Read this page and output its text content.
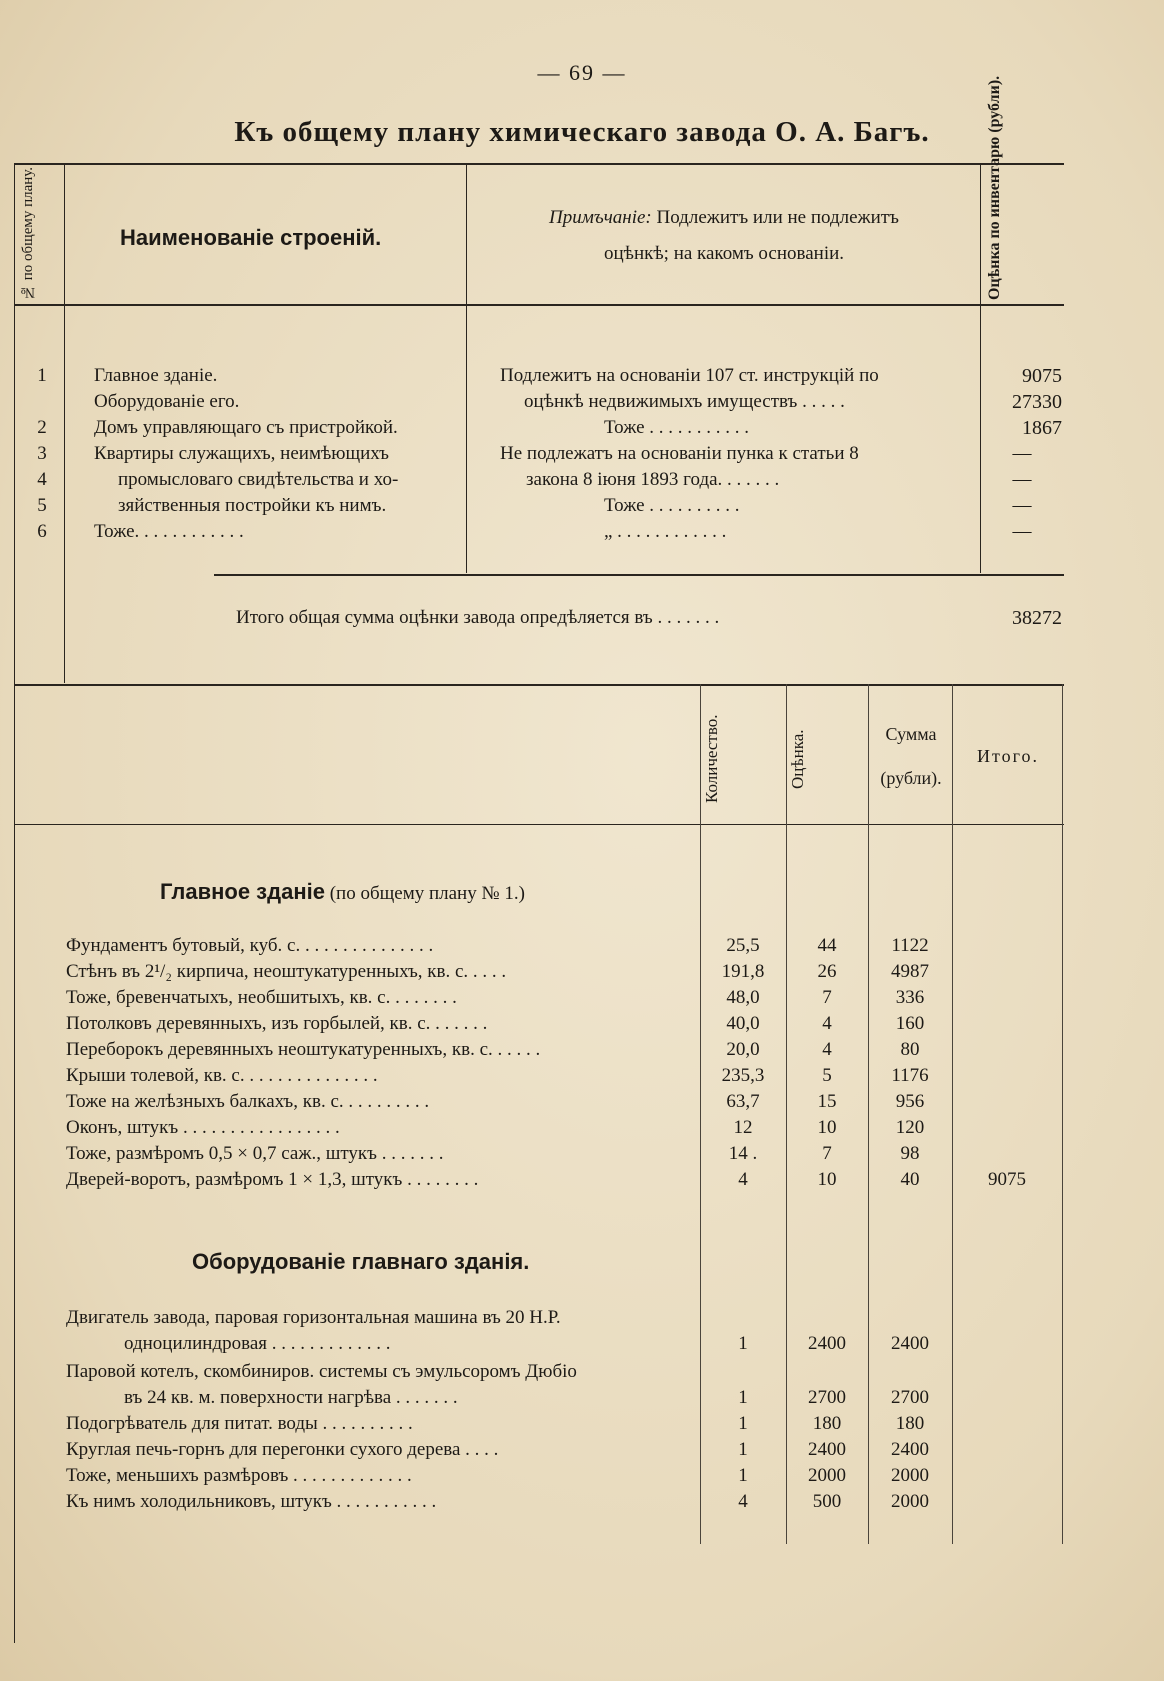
— 69 —
Къ общему плану химическаго завода О. А. Багъ.
№ по общему плану.	Наименованіе строеній.
Примъчаніе: Подлежитъ или не подлежитъ
оцѣнкѣ; на какомъ основаніи.	Оцѣнка по инвентарю (рубли).
1	Главное зданіе.	Подлежитъ на основаніи 107 ст. инструкцій по	9075
Оборудованіе его.	оцѣнкѣ недвижимыхъ имуществъ . . . . .	27330
2	Домъ управляющаго съ пристройкой.	Тоже . . . . . . . . . . .	1867
3	Квартиры служащихъ, неимѣющихъ	Не подлежатъ на основаніи пунка к статьи 8	—
4	промысловаго свидѣтельства и хо-	закона 8 іюня 1893 года. . . . . . .	—
5	зяйственныя постройки къ нимъ.	Тоже . . . . . . . . . .	—
6	Тоже. . . . . . . . . . . .	„ . . . . . . . . . . . .	—
Итого общая сумма оцѣнки завода опредѣляется въ . . . . . . .	38272
Количество.	Оцѣнка.	Сумма
(рубли).
Итого.
Главное зданіе (по общему плану № 1.)
Фундаментъ бутовый, куб. с. . . . . . . . . . . . . . .	25,5	44	1122
Стѣнъ въ 2¹/₂ кирпича, неоштукатуренныхъ, кв. с. . . . .	191,8	26	4987
Тоже, бревенчатыхъ, необшитыхъ, кв. с. . . . . . . .	48,0	7	336
Потолковъ деревянныхъ, изъ горбылей, кв. с. . . . . . .	40,0	4	160
Переборокъ деревянныхъ неоштукатуренныхъ, кв. с. . . . . .	20,0	4	80
Крыши толевой, кв. с. . . . . . . . . . . . . . .	235,3	5	1176
Тоже на желѣзныхъ балкахъ, кв. с. . . . . . . . . .	63,7	15	956
Оконъ, штукъ . . . . . . . . . . . . . . . . .	12	10	120
Тоже, размѣромъ 0,5 × 0,7 саж., штукъ . . . . . . .	14 .	7	98
Дверей-воротъ, размѣромъ 1 × 1,3, штукъ . . . . . . . .	4	10	40	9075
Оборудованіе главнаго зданія.
Двигатель завода, паровая горизонтальная машина въ 20 Н.Р.
одноцилиндровая . . . . . . . . . . . . .	1	2400	2400
Паровой котелъ, скомбиниров. системы съ эмульсоромъ Дюбіо
въ 24 кв. м. поверхности нагрѣва . . . . . . .	1	2700	2700
Подогрѣватель для питат. воды . . . . . . . . . .	1	180	180
Круглая печь-горнъ для перегонки сухого дерева . . . .	1	2400	2400
Тоже, меньшихъ размѣровъ . . . . . . . . . . . . .	1	2000	2000
Къ нимъ холодильниковъ, штукъ . . . . . . . . . . .	4	500	2000
